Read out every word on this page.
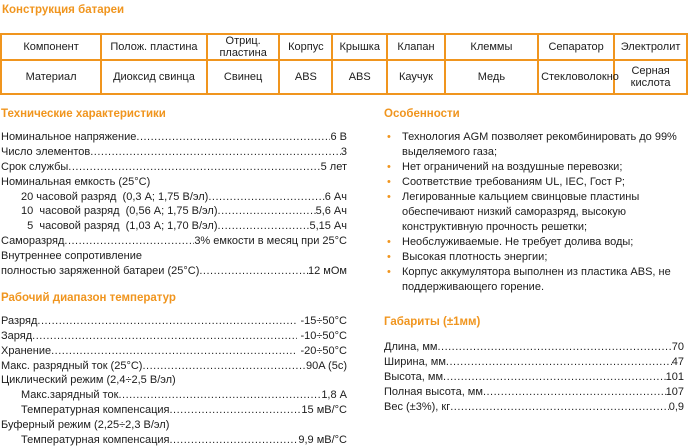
Конструкция батареи
Компонент	Полож. пластина	Отриц. пластина	Корпус	Крышка	Клапан	Клеммы	Сепаратор	Электролит
Материал	Диоксид свинца	Свинец	ABS	ABS	Каучук	Медь	Стекловолокно	Серная кислота
Технические характеристики
Номинальное напряжение .....	6 В
Число элементов .....	3
Срок службы .....	5 лет
Номинальная емкость (25°С)
20 часовой разряд  (0,3 А; 1,75 В/эл) .....	6 Ач
10  часовой разряд  (0,56 А; 1,75 В/эл) .....	5,6 Ач
5  часовой разряд  (1,03 А; 1,70 В/эл) .....	5,15 Ач
Саморазряд .....	3% емкости в месяц при 25°С
Внутреннее сопротивление
полностью заряженной батареи (25°С) .....	12 мОм
Рабочий диапазон температур
Разряд .....	-15÷50°С
Заряд .....	-10÷50°С
Хранение .....	-20÷50°С
Макс. разрядный ток (25°С) .....	90A (5c)
Циклический режим (2,4÷2,5 В/эл)
Макс.зарядный ток .....	1,8 А
Температурная компенсация .....	15 мВ/°С
Буферный режим (2,25÷2,3 В/эл)
Температурная компенсация .....	9,9 мВ/°С
Особенности
• Технология AGM позволяет рекомбинировать до 99% выделяемого газа;
• Нет ограничений на воздушные перевозки;
• Соответствие требованиям UL, IEC, Гост Р;
• Легированные кальцием свинцовые пластины обеспечивают низкий саморазряд, высокую конструктивную прочность решетки;
• Необслуживаемые. Не требует долива воды;
• Высокая плотность энергии;
• Корпус аккумулятора выполнен из пластика ABS, не поддерживающего горение.
Габариты (±1мм)
Длина, мм .....	70
Ширина, мм .....	47
Высота, мм .....	101
Полная высота, мм .....	107
Вес (±3%), кг .....	0,9
